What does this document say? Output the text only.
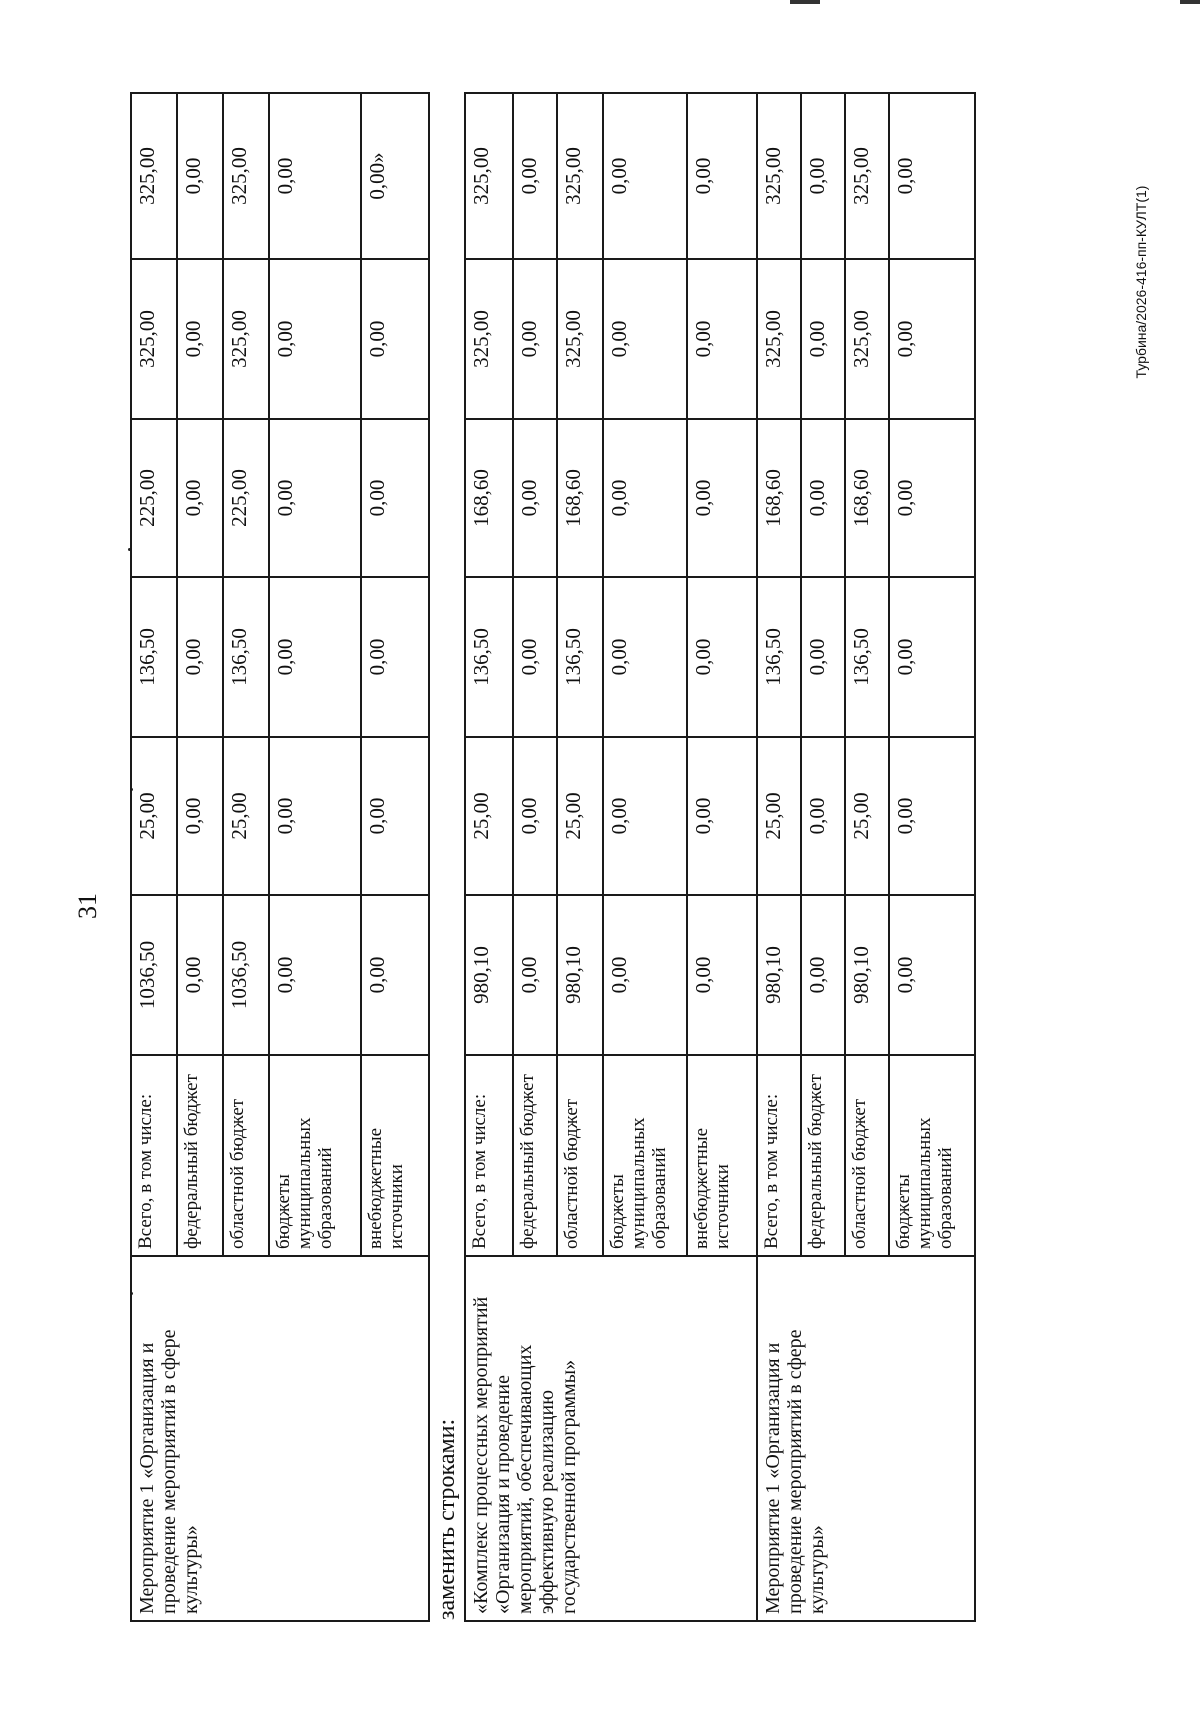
31
Турбина/2026-416-пп-КУЛТ(1)
Мероприятие 1 «Организация и проведение мероприятий в сфере культуры»	Всего, в том числе:	1036,50	25,00	136,50	225,00	325,00	325,00
	федеральный бюджет	0,00	0,00	0,00	0,00	0,00	0,00
	областной бюджет	1036,50	25,00	136,50	225,00	325,00	325,00
	бюджеты муниципальных образований	0,00	0,00	0,00	0,00	0,00	0,00
	внебюджетные источники	0,00	0,00	0,00	0,00	0,00	0,00»
заменить строками: «Комплекс процессных мероприятий «Организация и проведение мероприятий, обеспечивающих эффективную реализацию государственной программы»	Всего, в том числе:	980,10	25,00	136,50	168,60	325,00	325,00
	федеральный бюджет	0,00	0,00	0,00	0,00	0,00	0,00
	областной бюджет	980,10	25,00	136,50	168,60	325,00	325,00
	бюджеты муниципальных образований	0,00	0,00	0,00	0,00	0,00	0,00
	внебюджетные источники	0,00	0,00	0,00	0,00	0,00	0,00
Мероприятие 1 «Организация и проведение мероприятий в сфере культуры»	Всего, в том числе:	980,10	25,00	136,50	168,60	325,00	325,00
	федеральный бюджет	0,00	0,00	0,00	0,00	0,00	0,00
	областной бюджет	980,10	25,00	136,50	168,60	325,00	325,00
	бюджеты муниципальных образований	0,00	0,00	0,00	0,00	0,00	0,00
